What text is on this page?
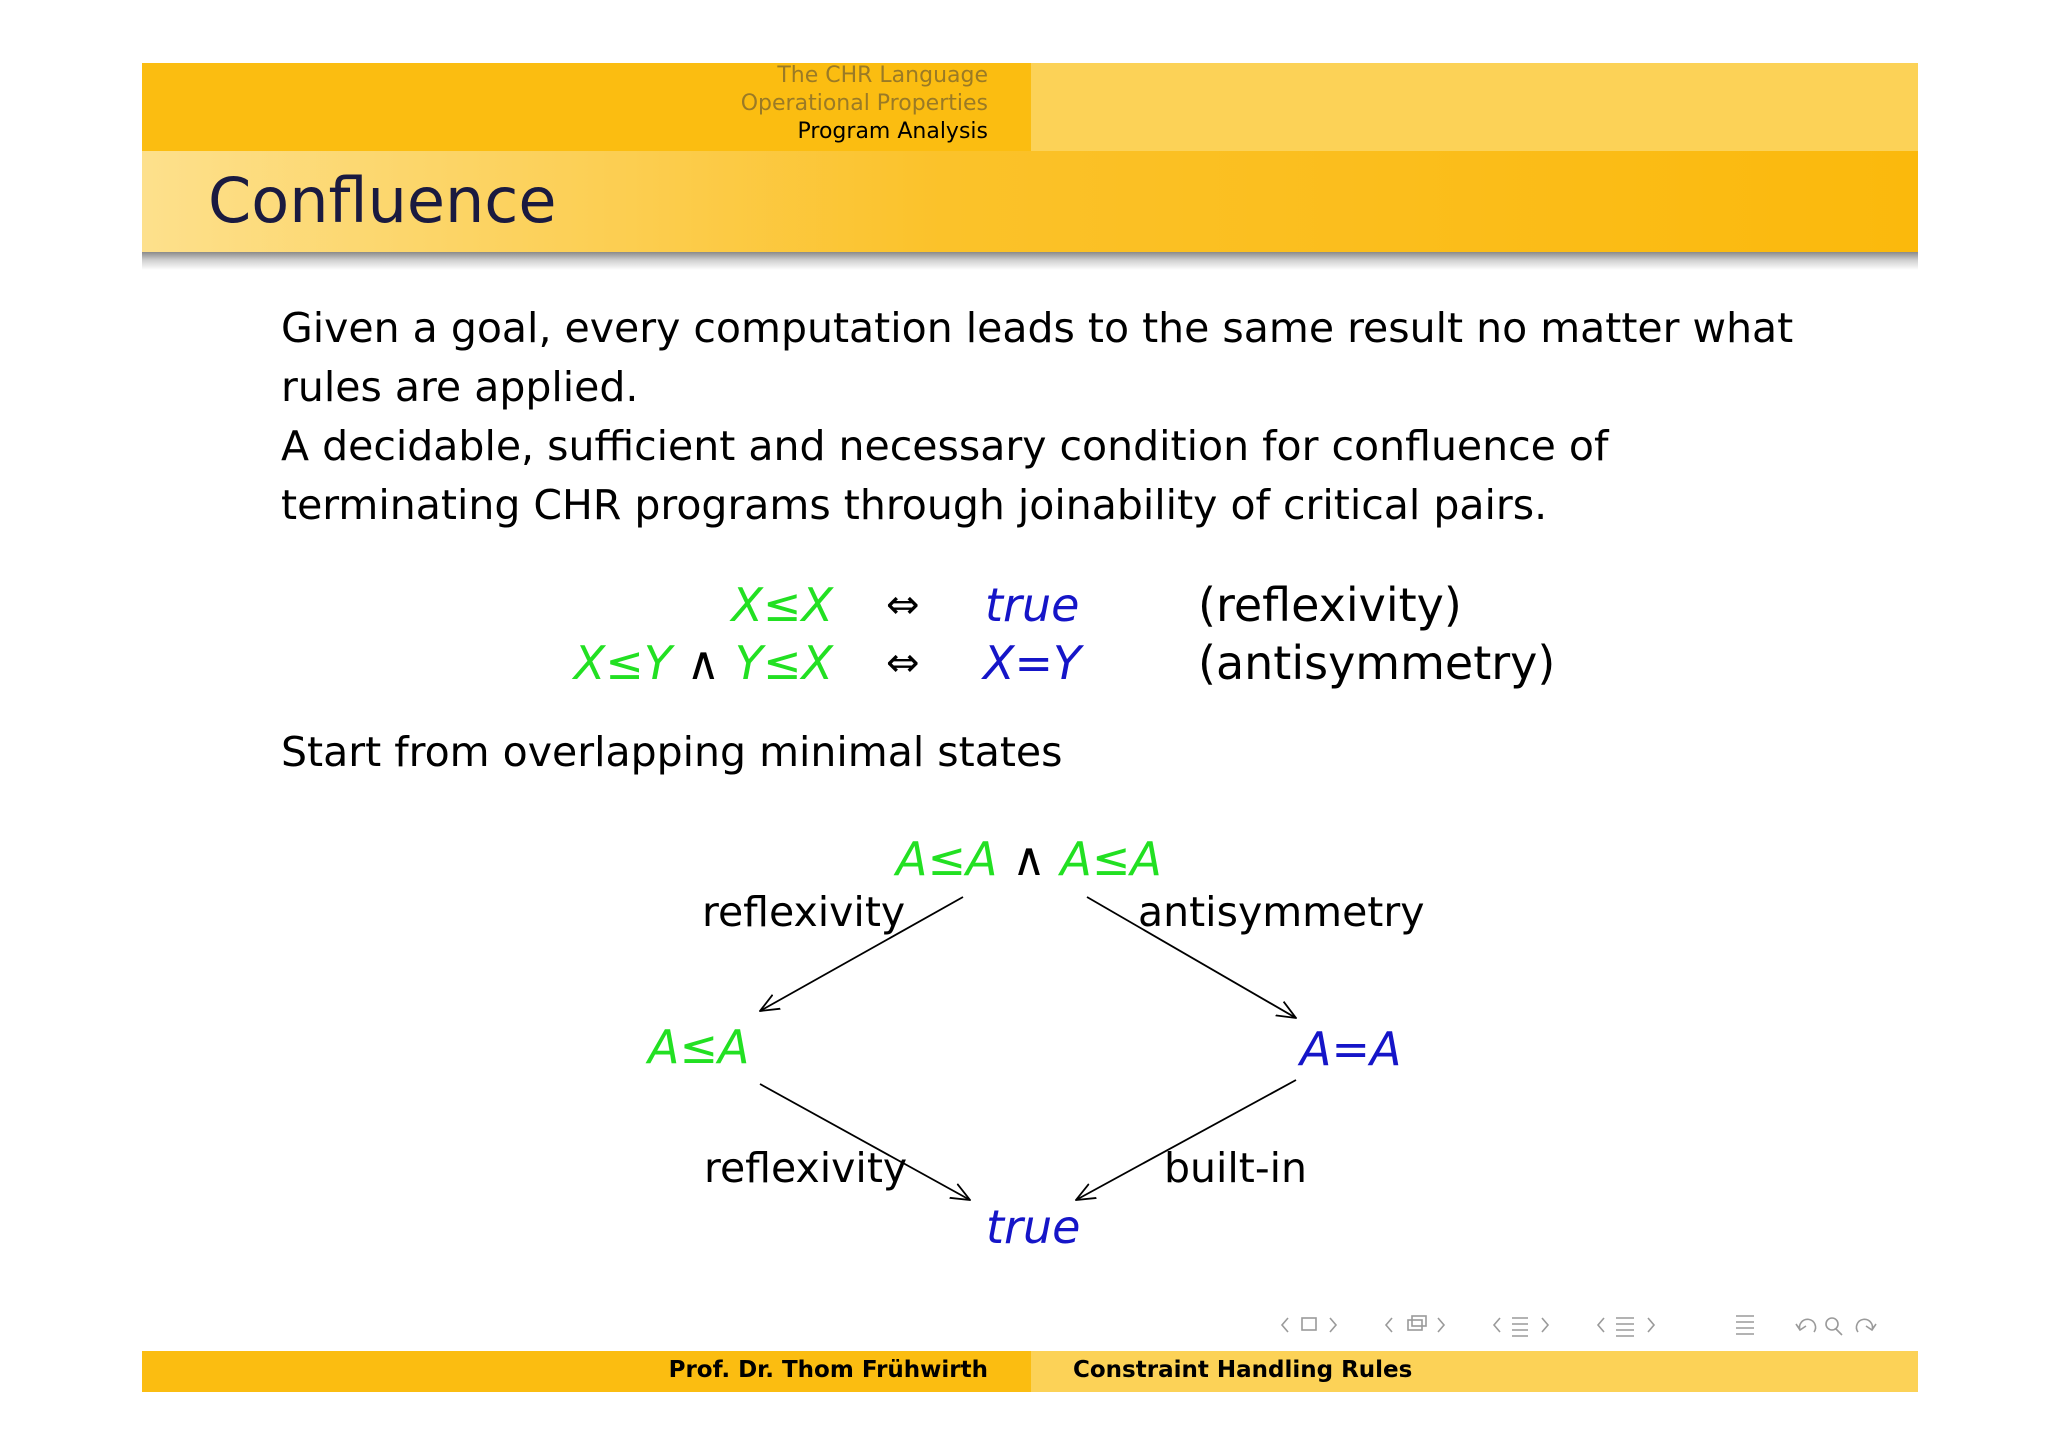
The CHR Language
Operational Properties
Program Analysis
Confluence
Given a goal, every computation leads to the same result no matter what
rules are applied.
A decidable, sufficient and necessary condition for confluence of
terminating CHR programs through joinability of critical pairs.
X≤X ⇔ true	(reflexivity)
X≤Y ∧ Y≤X ⇔ X=Y	(antisymmetry)
Start from overlapping minimal states
A≤A ∧ A≤A
A≤A	A=A
true
reflexivity	antisymmetry
reflexivity	built-in
Prof. Dr. Thom Frühwirth	Constraint Handling Rules
